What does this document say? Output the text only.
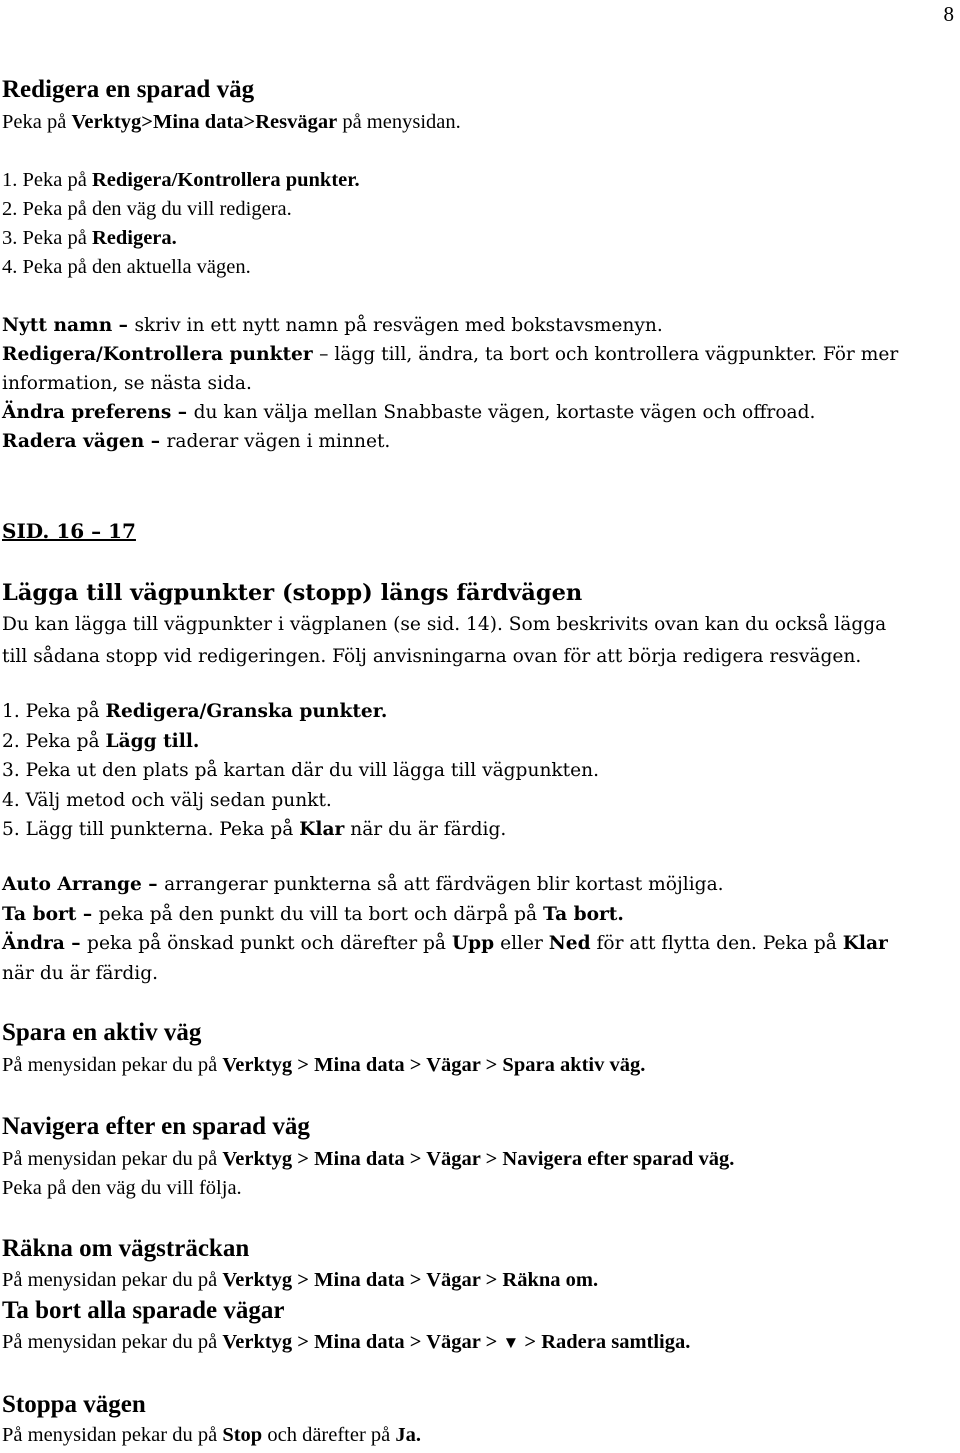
8
Redigera en sparad väg
Peka på Verktyg>Mina data>Resvägar på menysidan.
1. Peka på Redigera/Kontrollera punkter.
2. Peka på den väg du vill redigera.
3. Peka på Redigera.
4. Peka på den aktuella vägen.
Nytt namn – skriv in ett nytt namn på resvägen med bokstavsmenyn.
Redigera/Kontrollera punkter – lägg till, ändra, ta bort och kontrollera vägpunkter. För mer
information, se nästa sida.
Ändra preferens – du kan välja mellan Snabbaste vägen, kortaste vägen och offroad.
Radera vägen – raderar vägen i minnet.
SID. 16 – 17
Lägga till vägpunkter (stopp) längs färdvägen
Du kan lägga till vägpunkter i vägplanen (se sid. 14). Som beskrivits ovan kan du också lägga
till sådana stopp vid redigeringen. Följ anvisningarna ovan för att börja redigera resvägen.
1. Peka på Redigera/Granska punkter.
2. Peka på Lägg till.
3. Peka ut den plats på kartan där du vill lägga till vägpunkten.
4. Välj metod och välj sedan punkt.
5. Lägg till punkterna. Peka på Klar när du är färdig.
Auto Arrange – arrangerar punkterna så att färdvägen blir kortast möjliga.
Ta bort – peka på den punkt du vill ta bort och därpå på Ta bort.
Ändra – peka på önskad punkt och därefter på Upp eller Ned för att flytta den. Peka på Klar
när du är färdig.
Spara en aktiv väg
På menysidan pekar du på Verktyg > Mina data > Vägar > Spara aktiv väg.
Navigera efter en sparad väg
På menysidan pekar du på Verktyg > Mina data > Vägar > Navigera efter sparad väg.
Peka på den väg du vill följa.
Räkna om vägsträckan
På menysidan pekar du på Verktyg > Mina data > Vägar > Räkna om.
Ta bort alla sparade vägar
På menysidan pekar du på Verktyg > Mina data > Vägar > ▼ > Radera samtliga.
Stoppa vägen
På menysidan pekar du på Stop och därefter på Ja.
